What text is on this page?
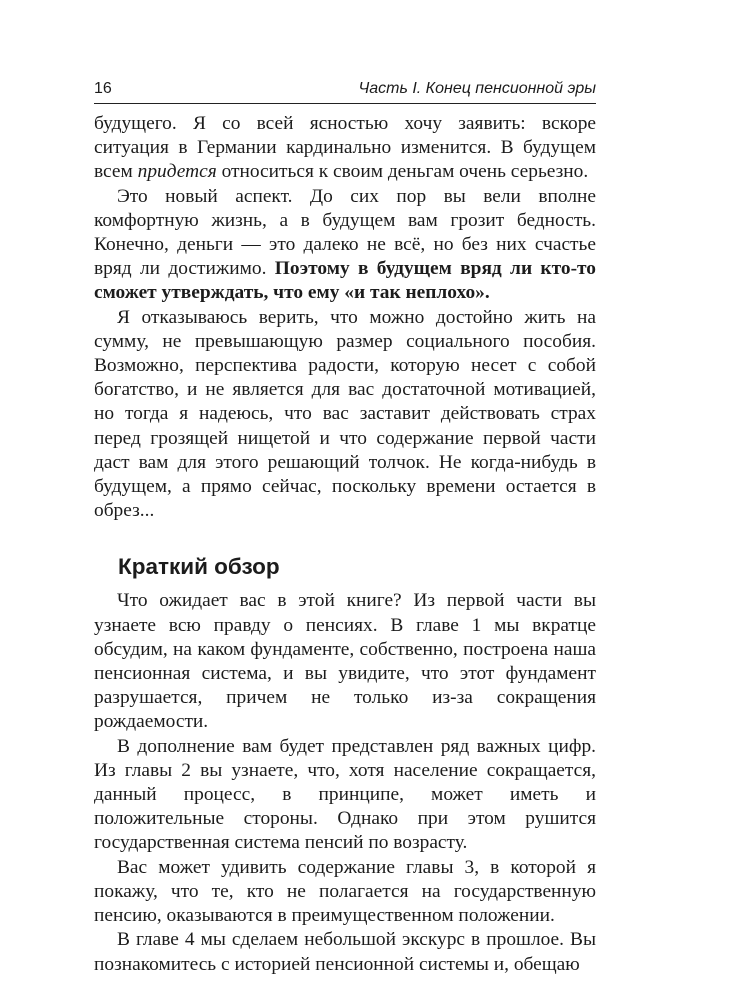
16	Часть I. Конец пенсионной эры

будущего. Я со всей ясностью хочу заявить: вскоре ситуация в Германии кардинально изменится. В будущем всем придется относиться к своим деньгам очень серьезно.

Это новый аспект. До сих пор вы вели вполне комфортную жизнь, а в будущем вам грозит бедность. Конечно, деньги — это далеко не всё, но без них счастье вряд ли достижимо. Поэтому в будущем вряд ли кто-то сможет утверждать, что ему «и так неплохо».

Я отказываюсь верить, что можно достойно жить на сумму, не превышающую размер социального пособия. Возможно, перспектива радости, которую несет с собой богатство, и не является для вас достаточной мотивацией, но тогда я надеюсь, что вас заставит действовать страх перед грозящей нищетой и что содержание первой части даст вам для этого решающий толчок. Не когда-нибудь в будущем, а прямо сейчас, поскольку времени остается в обрез...

Краткий обзор

Что ожидает вас в этой книге? Из первой части вы узнаете всю правду о пенсиях. В главе 1 мы вкратце обсудим, на каком фундаменте, собственно, построена наша пенсионная система, и вы увидите, что этот фундамент разрушается, причем не только из-за сокращения рождаемости.

В дополнение вам будет представлен ряд важных цифр. Из главы 2 вы узнаете, что, хотя население сокращается, данный процесс, в принципе, может иметь и положительные стороны. Однако при этом рушится государственная система пенсий по возрасту.

Вас может удивить содержание главы 3, в которой я покажу, что те, кто не полагается на государственную пенсию, оказываются в преимущественном положении.

В главе 4 мы сделаем небольшой экскурс в прошлое. Вы познакомитесь с историей пенсионной системы и, обещаю
